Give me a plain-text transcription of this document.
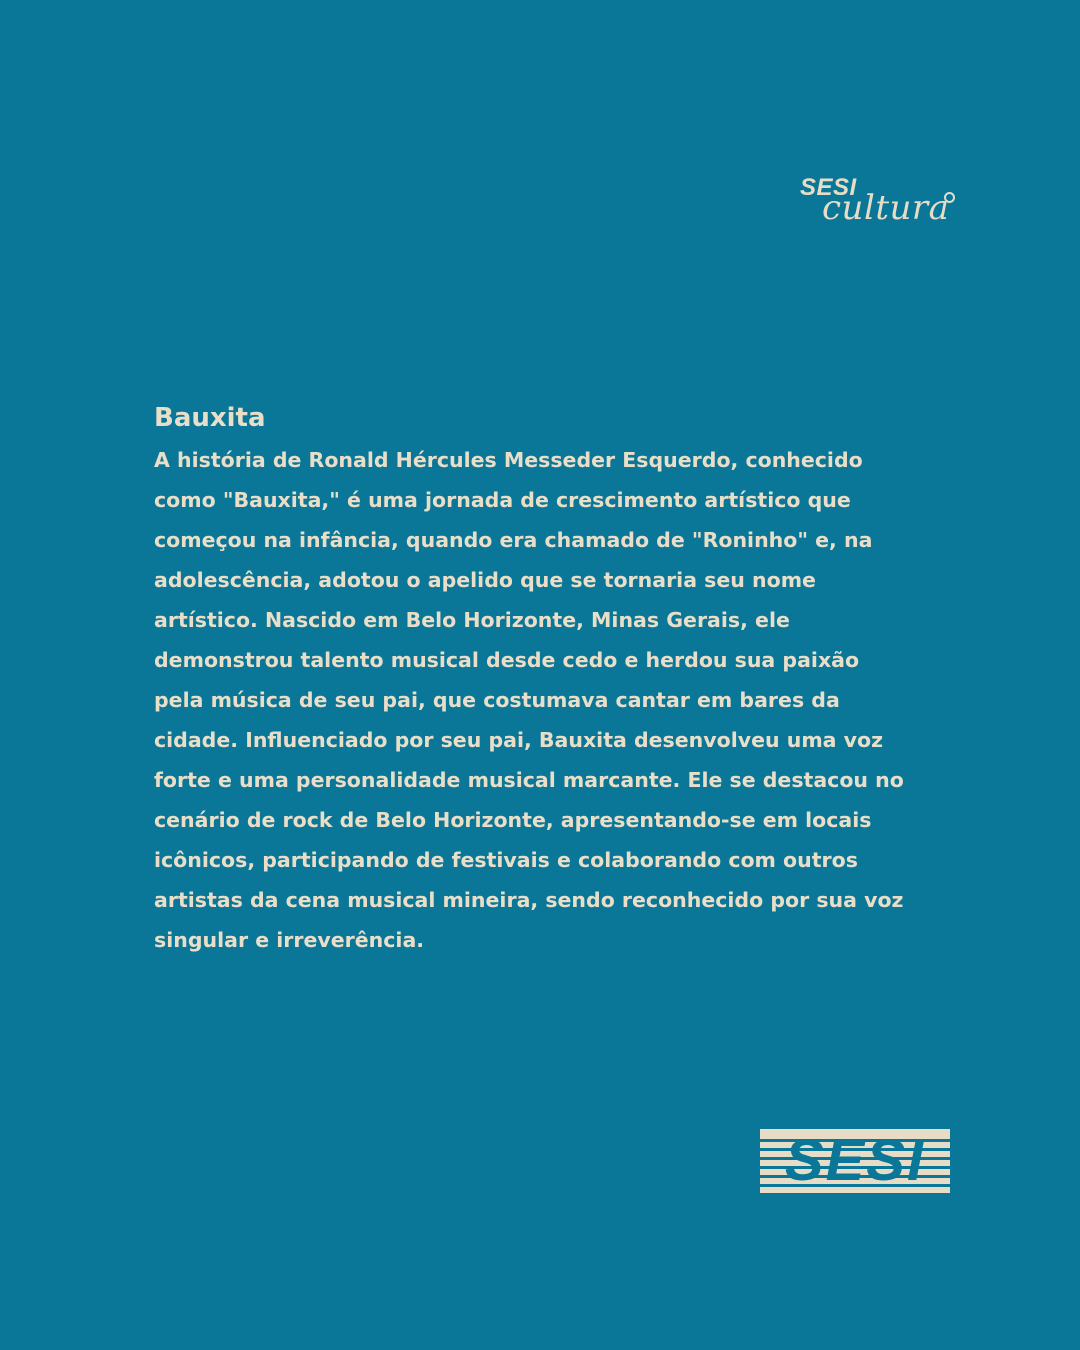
SESI
cultura
Bauxita

A história de Ronald Hércules Messeder Esquerdo, conhecido
como "Bauxita," é uma jornada de crescimento artístico que
começou na infância, quando era chamado de "Roninho" e, na
adolescência, adotou o apelido que se tornaria seu nome
artístico. Nascido em Belo Horizonte, Minas Gerais, ele
demonstrou talento musical desde cedo e herdou sua paixão
pela música de seu pai, que costumava cantar em bares da
cidade. Influenciado por seu pai, Bauxita desenvolveu uma voz
forte e uma personalidade musical marcante. Ele se destacou no
cenário de rock de Belo Horizonte, apresentando-se em locais
icônicos, participando de festivais e colaborando com outros
artistas da cena musical mineira, sendo reconhecido por sua voz
singular e irreverência.

SESI
